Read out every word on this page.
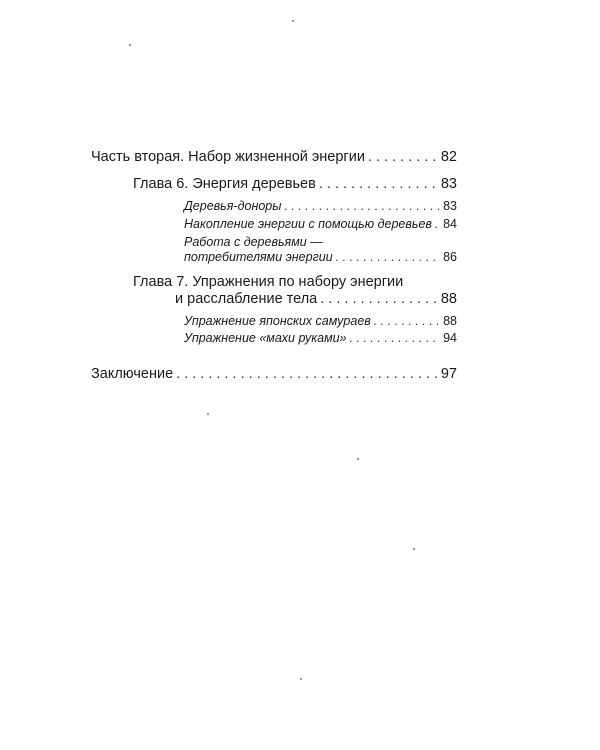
Часть вторая. Набор жизненной энергии . . .	82
Глава 6. Энергия деревьев . . .	83
Деревья-доноры . . .	83
Накопление энергии с помощью деревьев . . . 84
Работа с деревьями —
потребителями энергии . . .	86
Глава 7. Упражнения по набору энергии
и расслабление тела . . .	88
Упражнение японских самураев . . .	88
Упражнение «махи руками» . . .	94
Заключение . . .	97
